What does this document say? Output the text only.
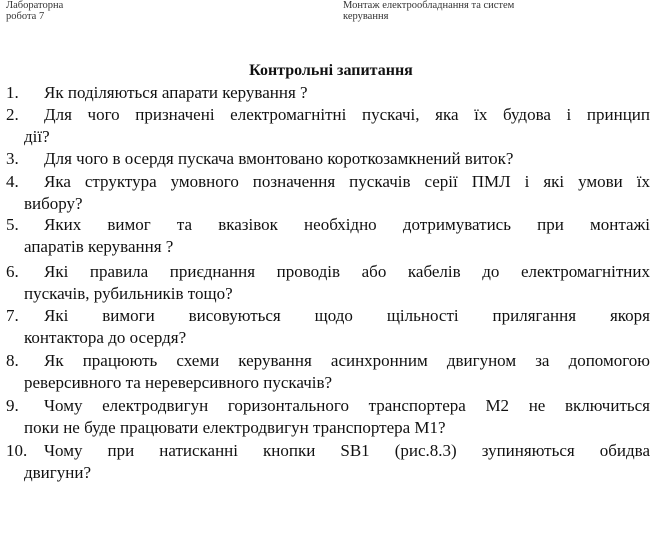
Лабораторна
робота 7
Монтаж електрообладнання та систем
керування
Контрольні запитання
1. Як поділяються апарати керування ?
2. Для чого призначені електромагнітні пускачі, яка їх будова і принцип
дії?
3. Для чого в осердя пускача вмонтовано короткозамкнений виток?
4. Яка структура умовного позначення пускачів серії ПМЛ і які умови їх
вибору?
5. Яких вимог та вказівок необхідно дотримуватись при монтажі
апаратів керування ?
6. Які правила приєднання проводів або кабелів до електромагнітних
пускачів, рубильників тощо?
7. Які вимоги висовуються щодо щільності прилягання якоря
контактора до осердя?
8. Як працюють схеми керування асинхронним двигуном за допомогою
реверсивного та нереверсивного пускачів?
9. Чому електродвигун горизонтального транспортера М2 не включиться
поки не буде працювати електродвигун транспортера М1?
10. Чому при натисканні кнопки SB1 (рис.8.3) зупиняються обидва
двигуни?
